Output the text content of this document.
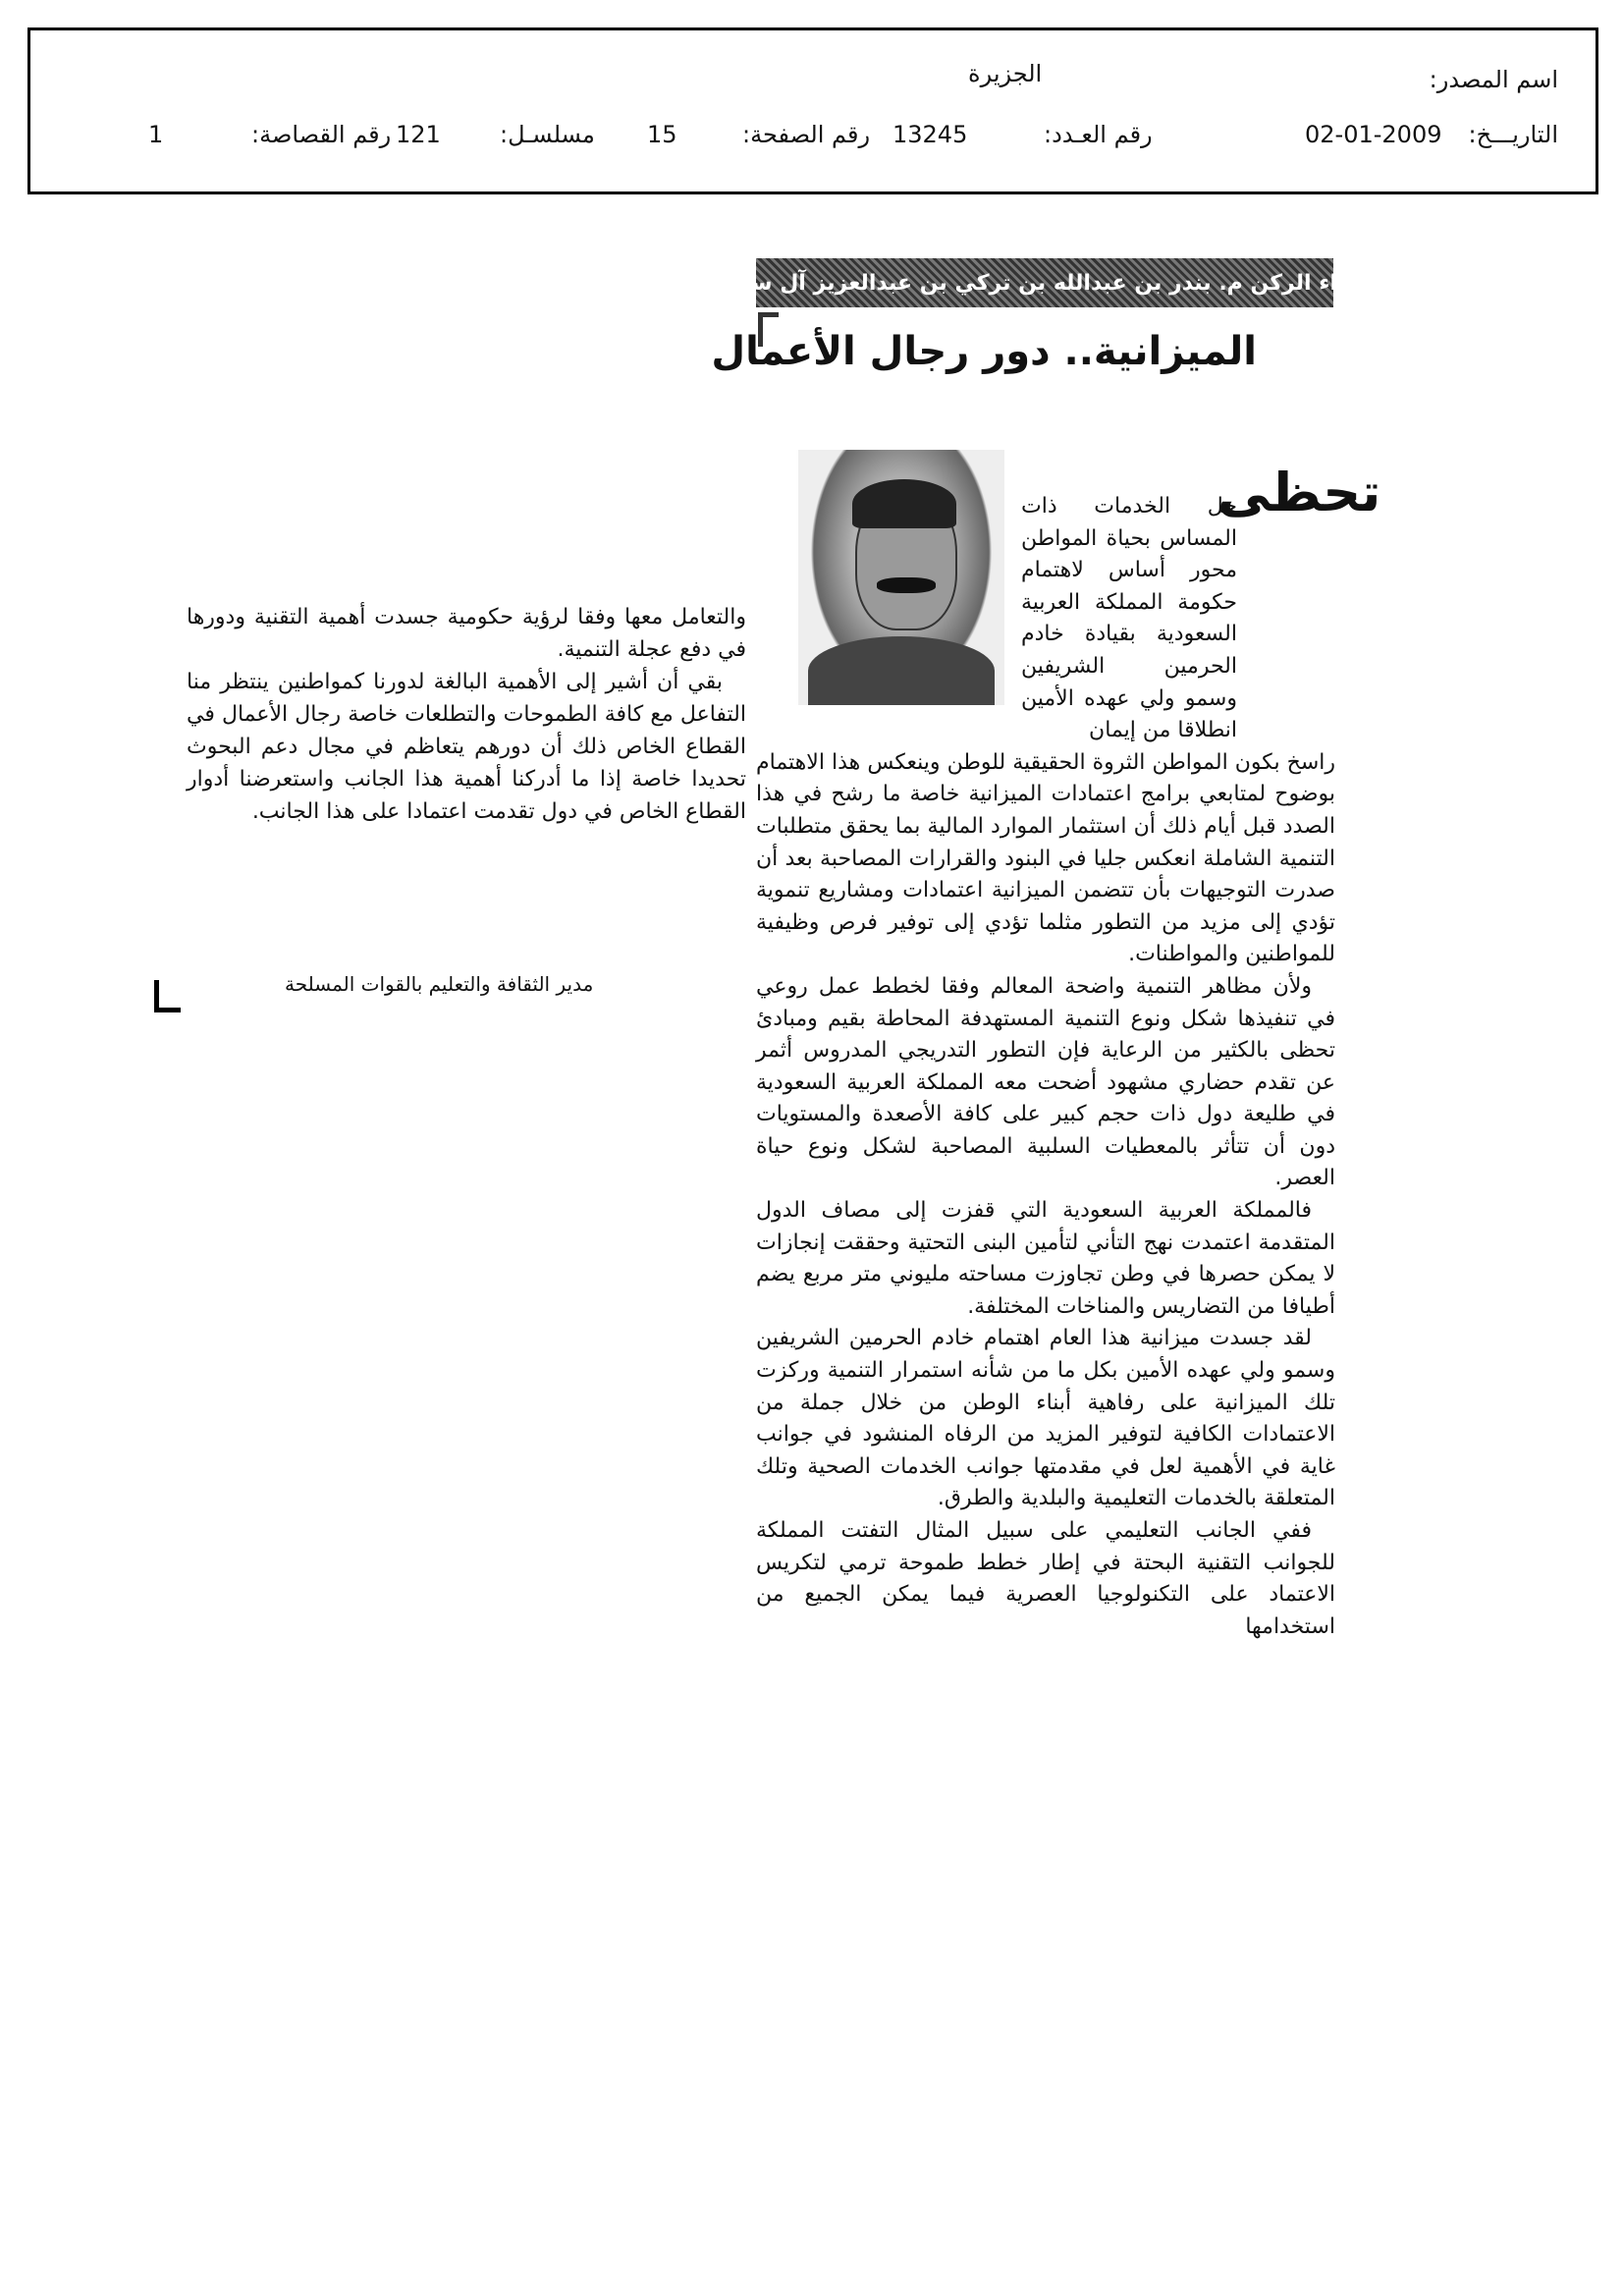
اسم المصدر:
الجزيرة
التاريـــخ:
02-01-2009
رقم العـدد:
13245
رقم الصفحة:
15
مسلسـل:
121
رقم القصاصة:
1
اللواء الركن م. بندر بن عبدالله بن تركي بن عبدالعزيز آل سعود
الميزانية.. دور رجال الأعمال
تحظى

جل الخدمات ذات المساس بحياة المواطن محور أساس لاهتمام حكومة المملكة العربية السعودية بقيادة خادم الحرمين الشريفين وسمو ولي عهده الأمين انطلاقا من إيمان

راسخ بكون المواطن الثروة الحقيقية للوطن وينعكس هذا الاهتمام بوضوح لمتابعي برامج اعتمادات الميزانية خاصة ما رشح في هذا الصدد قبل أيام ذلك أن استثمار الموارد المالية بما يحقق متطلبات التنمية الشاملة انعكس جليا في البنود والقرارات المصاحبة بعد أن صدرت التوجيهات بأن تتضمن الميزانية اعتمادات ومشاريع تنموية تؤدي إلى مزيد من التطور مثلما تؤدي إلى توفير فرص وظيفية للمواطنين والمواطنات.

ولأن مظاهر التنمية واضحة المعالم وفقا لخطط عمل روعي في تنفيذها شكل ونوع التنمية المستهدفة المحاطة بقيم ومبادئ تحظى بالكثير من الرعاية فإن التطور التدريجي المدروس أثمر عن تقدم حضاري مشهود أضحت معه المملكة العربية السعودية في طليعة دول ذات حجم كبير على كافة الأصعدة والمستويات دون أن تتأثر بالمعطيات السلبية المصاحبة لشكل ونوع حياة العصر.

فالمملكة العربية السعودية التي قفزت إلى مصاف الدول المتقدمة اعتمدت نهج التأني لتأمين البنى التحتية وحققت إنجازات لا يمكن حصرها في وطن تجاوزت مساحته مليوني متر مربع يضم أطيافا من التضاريس والمناخات المختلفة.

لقد جسدت ميزانية هذا العام اهتمام خادم الحرمين الشريفين وسمو ولي عهده الأمين بكل ما من شأنه استمرار التنمية وركزت تلك الميزانية على رفاهية أبناء الوطن من خلال جملة من الاعتمادات الكافية لتوفير المزيد من الرفاه المنشود في جوانب غاية في الأهمية لعل في مقدمتها جوانب الخدمات الصحية وتلك المتعلقة بالخدمات التعليمية والبلدية والطرق.

ففي الجانب التعليمي على سبيل المثال التفتت المملكة للجوانب التقنية البحتة في إطار خطط طموحة ترمي لتكريس الاعتماد على التكنولوجيا العصرية فيما يمكن الجميع من استخدامها

والتعامل معها وفقا لرؤية حكومية جسدت أهمية التقنية ودورها في دفع عجلة التنمية.

بقي أن أشير إلى الأهمية البالغة لدورنا كمواطنين ينتظر منا التفاعل مع كافة الطموحات والتطلعات خاصة رجال الأعمال في القطاع الخاص ذلك أن دورهم يتعاظم في مجال دعم البحوث تحديدا خاصة إذا ما أدركنا أهمية هذا الجانب واستعرضنا أدوار القطاع الخاص في دول تقدمت اعتمادا على هذا الجانب.

مدير الثقافة والتعليم بالقوات المسلحة
